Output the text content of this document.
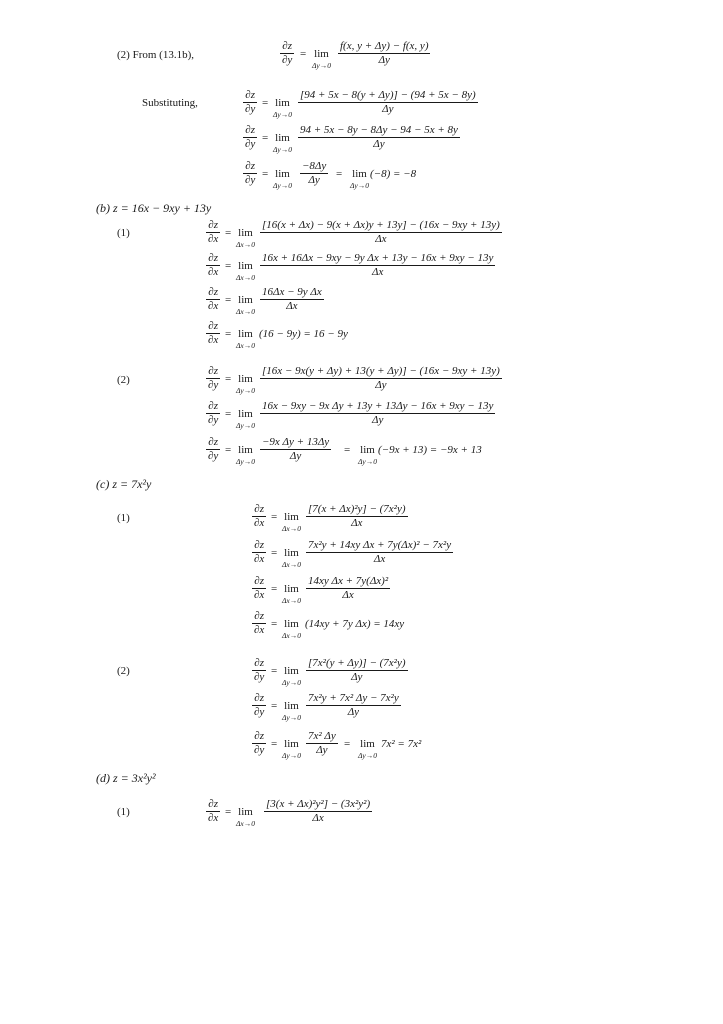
(2) From (13.1b),
∂z
∂y = lim
Δy→0
f(x, y + Δy) − f(x, y)
Δy
Substituting,
∂z
∂y = lim
Δy→0
[94 + 5x − 8(y + Δy)] − (94 + 5x − 8y)
Δy
∂z
∂y = lim
Δy→0
94 + 5x − 8y − 8Δy − 94 − 5x + 8y
Δy
∂z
∂y = lim
Δy→0
−8Δy
Δy = lim
Δy→0
(−8) = −8
(b) z = 16x − 9xy + 13y
(1)
∂z
∂x = lim
Δx→0
[16(x + Δx) − 9(x + Δx)y + 13y] − (16x − 9xy + 13y)
Δx
∂z
∂x = lim
Δx→0
16x + 16Δx − 9xy − 9y Δx + 13y − 16x + 9xy − 13y
Δx
∂z
∂x = lim
Δx→0
16Δx − 9y Δx
Δx
∂z
∂x = lim
Δx→0
(16 − 9y) = 16 − 9y
(2)
∂z
∂y = lim
Δy→0
[16x − 9x(y + Δy) + 13(y + Δy)] − (16x − 9xy + 13y)
Δy
∂z
∂y = lim
Δy→0
16x − 9xy − 9x Δy + 13y + 13Δy − 16x + 9xy − 13y
Δy
∂z
∂y = lim
Δy→0
−9x Δy + 13Δy
Δy	= lim
Δy→0
(−9x + 13) = −9x + 13
(c) z = 7x²y
(1)
∂z
∂x = lim
Δx→0
[7(x + Δx)²y] − (7x²y)
Δx
∂z
∂x = lim
Δx→0
7x²y + 14xy Δx + 7y(Δx)² − 7x²y
Δx
∂z
∂x = lim
Δx→0
14xy Δx + 7y(Δx)²
Δx
∂z
∂x = lim
Δx→0
(14xy + 7y Δx) = 14xy
(2)
∂z
∂y = lim
Δy→0
[7x²(y + Δy)] − (7x²y)
Δy
∂z
∂y = lim
Δy→0
7x²y + 7x² Δy − 7x²y
Δy
∂z
∂y = lim
Δy→0
7x² Δy
Δy = lim
Δy→0
7x² = 7x²
(d) z = 3x²y²
(1)
∂z
∂x = lim
Δx→0
[3(x + Δx)²y²] − (3x²y²)
Δx
